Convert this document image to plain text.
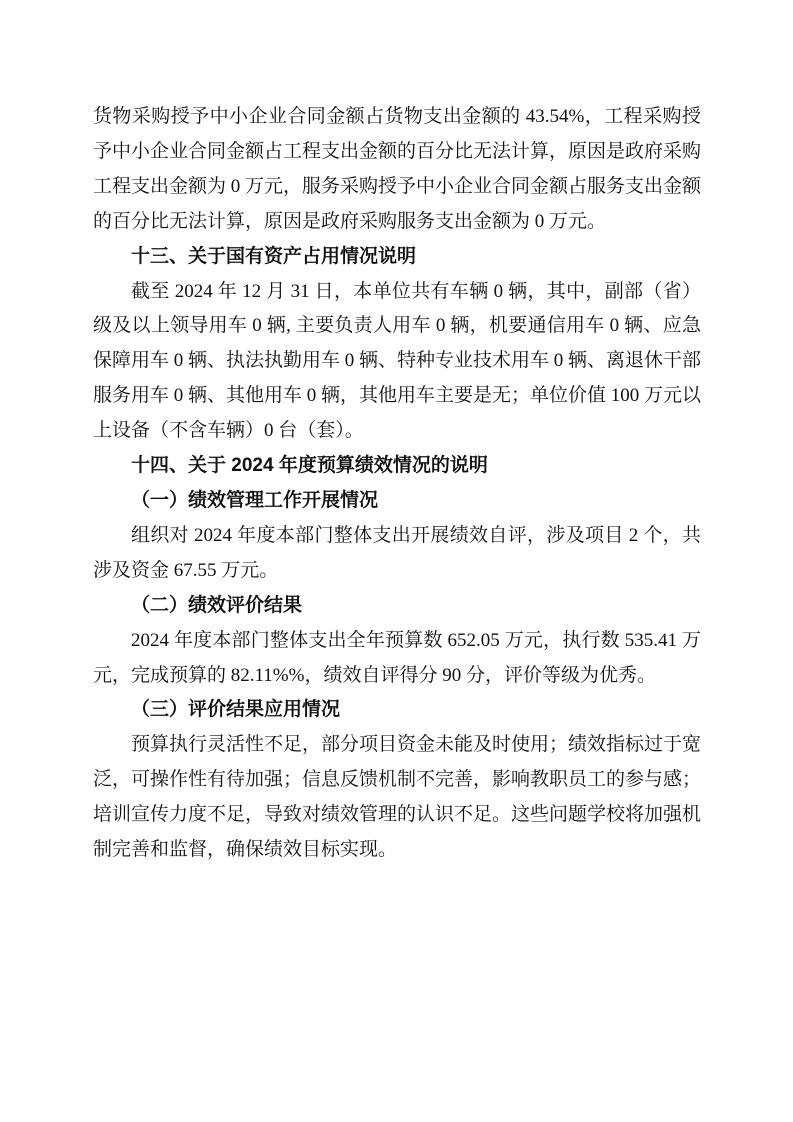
货物采购授予中小企业合同金额占货物支出金额的 43.54%，工程采购授予中小企业合同金额占工程支出金额的百分比无法计算，原因是政府采购工程支出金额为 0 万元，服务采购授予中小企业合同金额占服务支出金额的百分比无法计算，原因是政府采购服务支出金额为 0 万元。

十三、关于国有资产占用情况说明

截至 2024 年 12 月 31 日，本单位共有车辆 0 辆，其中，副部（省）级及以上领导用车 0 辆, 主要负责人用车 0 辆，机要通信用车 0 辆、应急保障用车 0 辆、执法执勤用车 0 辆、特种专业技术用车 0 辆、离退休干部服务用车 0 辆、其他用车 0 辆，其他用车主要是无；单位价值 100 万元以上设备（不含车辆）0 台（套）。

十四、关于 2024 年度预算绩效情况的说明

（一）绩效管理工作开展情况

组织对 2024 年度本部门整体支出开展绩效自评，涉及项目 2 个，共涉及资金 67.55 万元。

（二）绩效评价结果

2024 年度本部门整体支出全年预算数 652.05 万元，执行数 535.41 万元，完成预算的 82.11%%，绩效自评得分 90 分，评价等级为优秀。

（三）评价结果应用情况

预算执行灵活性不足，部分项目资金未能及时使用；绩效指标过于宽泛，可操作性有待加强；信息反馈机制不完善，影响教职员工的参与感；培训宣传力度不足，导致对绩效管理的认识不足。这些问题学校将加强机制完善和监督，确保绩效目标实现。
